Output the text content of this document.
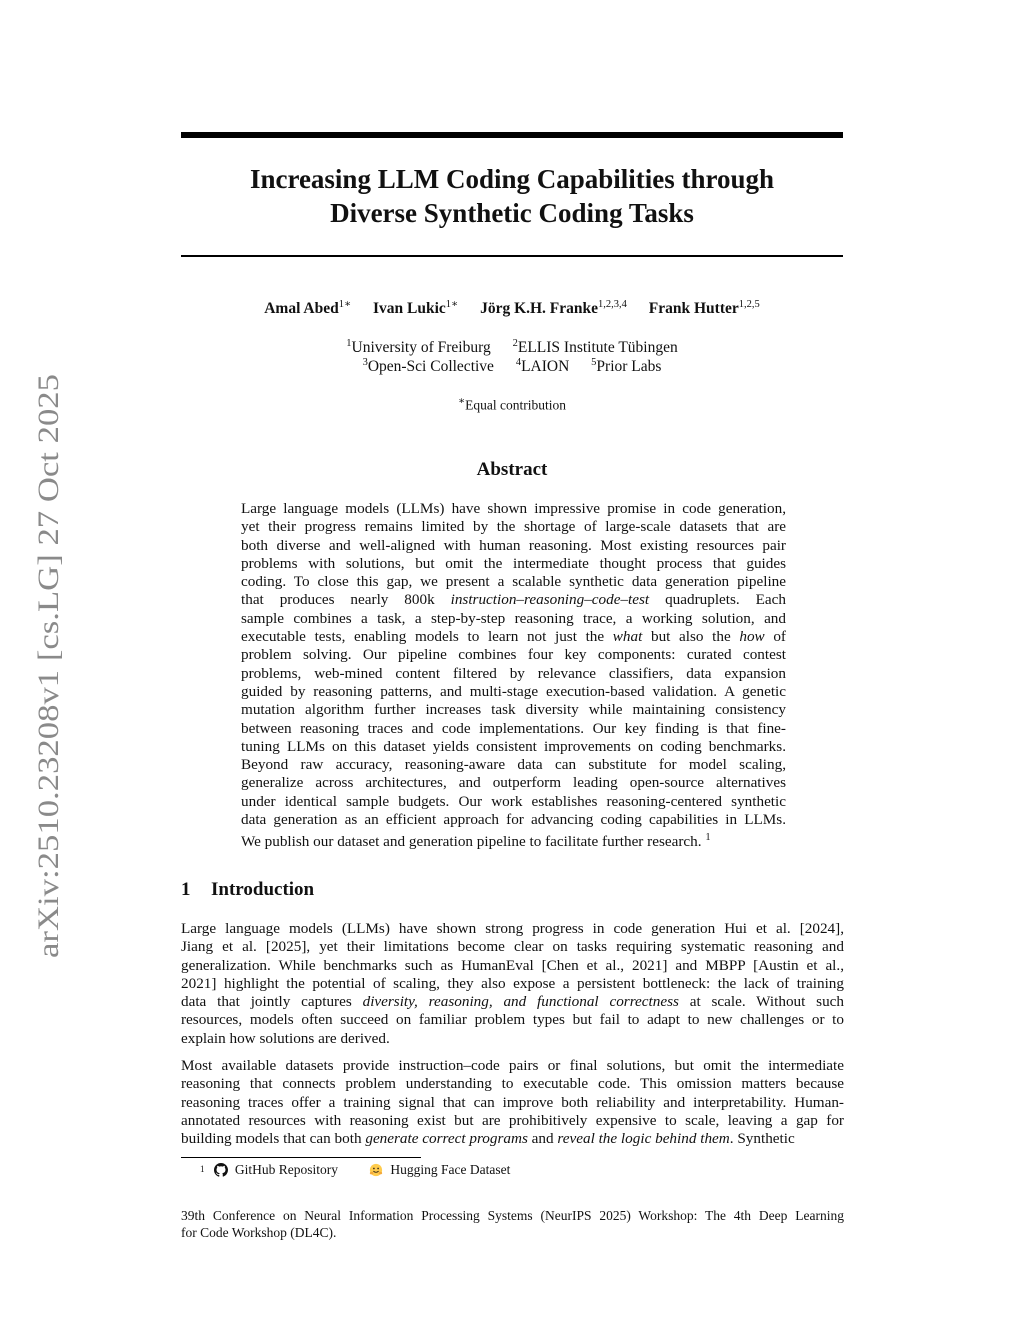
arXiv:2510.23208v1 [cs.LG] 27 Oct 2025
Increasing LLM Coding Capabilities through
Diverse Synthetic Coding Tasks
Amal Abed$^{1∗}$ Ivan Lukic$^{1∗}$ Jörg K.H. Franke$^{1,2,3,4}$ Frank Hutter$^{1,2,5}$
$^1$University of Freiburg $^2$ELLIS Institute Tübingen
$^3$Open-Sci Collective $^4$LAION $^5$Prior Labs
∗Equal contribution
Abstract
Large language models (LLMs) have shown impressive promise in code generation,
yet their progress remains limited by the shortage of large-scale datasets that are
both diverse and well-aligned with human reasoning. Most existing resources pair
problems with solutions, but omit the intermediate thought process that guides
coding. To close this gap, we present a scalable synthetic data generation pipeline
that produces nearly 800k instruction–reasoning–code–test quadruplets. Each
sample combines a task, a step-by-step reasoning trace, a working solution, and
executable tests, enabling models to learn not just the what but also the how of
problem solving. Our pipeline combines four key components: curated contest
problems, web-mined content filtered by relevance classifiers, data expansion
guided by reasoning patterns, and multi-stage execution-based validation. A genetic
mutation algorithm further increases task diversity while maintaining consistency
between reasoning traces and code implementations. Our key finding is that fine-
tuning LLMs on this dataset yields consistent improvements on coding benchmarks.
Beyond raw accuracy, reasoning-aware data can substitute for model scaling,
generalize across architectures, and outperform leading open-source alternatives
under identical sample budgets. Our work establishes reasoning-centered synthetic
data generation as an efficient approach for advancing coding capabilities in LLMs.
We publish our dataset and generation pipeline to facilitate further research. $^1$
1 Introduction
Large language models (LLMs) have shown strong progress in code generation Hui et al. [2024],
Jiang et al. [2025], yet their limitations become clear on tasks requiring systematic reasoning and
generalization. While benchmarks such as HumanEval [Chen et al., 2021] and MBPP [Austin et al.,
2021] highlight the potential of scaling, they also expose a persistent bottleneck: the lack of training
data that jointly captures diversity, reasoning, and functional correctness at scale. Without such
resources, models often succeed on familiar problem types but fail to adapt to new challenges or to
explain how solutions are derived.
Most available datasets provide instruction–code pairs or final solutions, but omit the intermediate
reasoning that connects problem understanding to executable code. This omission matters because
reasoning traces offer a training signal that can improve both reliability and interpretability. Human-
annotated resources with reasoning exist but are prohibitively expensive to scale, leaving a gap for
building models that can both generate correct programs and reveal the logic behind them. Synthetic
$^1$ GitHub Repository
	Hugging Face Dataset
39th Conference on Neural Information Processing Systems (NeurIPS 2025) Workshop: The 4th Deep Learning
for Code Workshop (DL4C).
